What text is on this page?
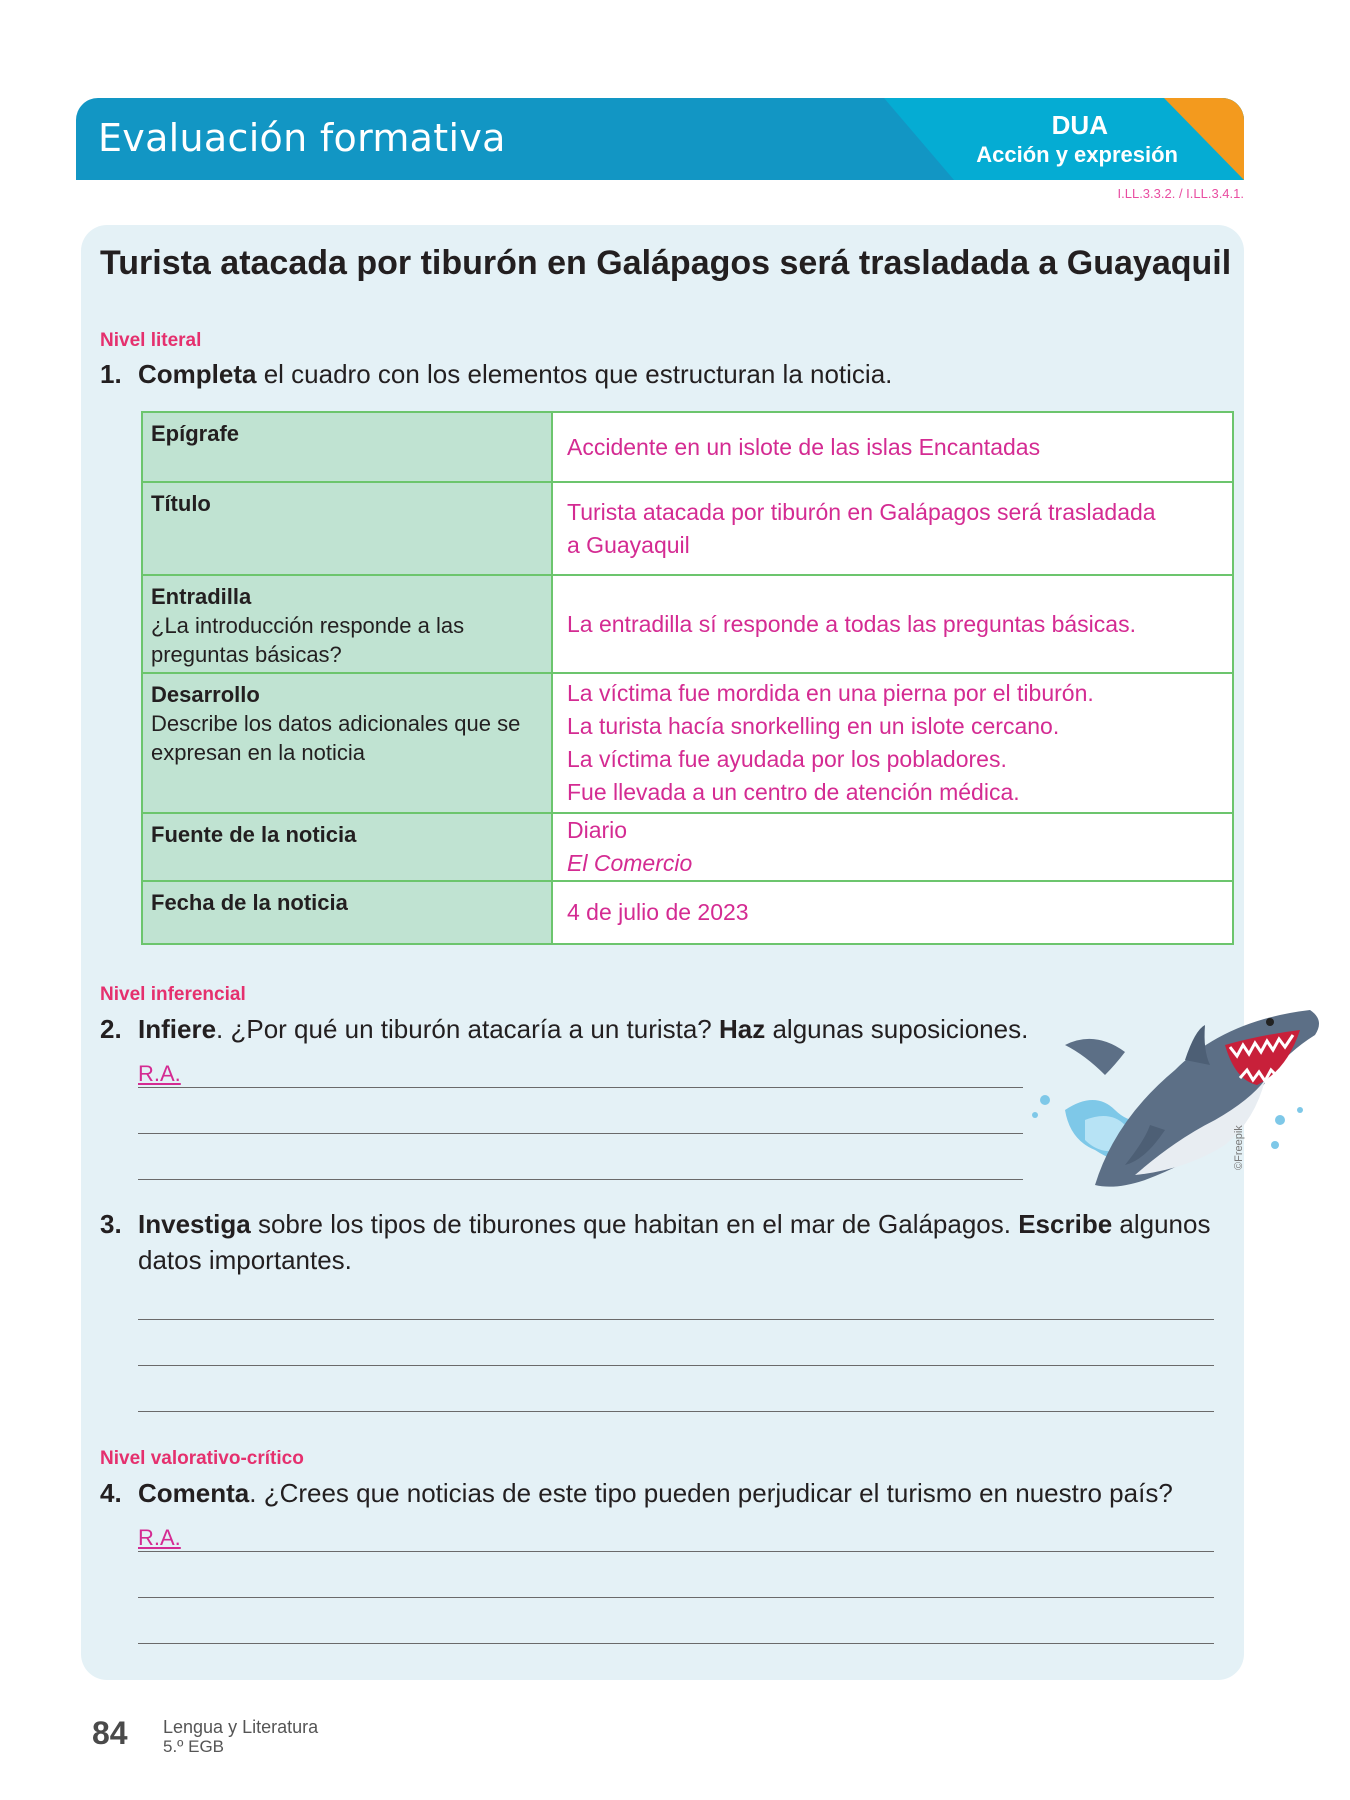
Evaluación formativa	DUA
Acción y expresión
I.LL.3.3.2. / I.LL.3.4.1.
Turista atacada por tiburón en Galápagos será trasladada a Guayaquil
Nivel literal
1. Completa el cuadro con los elementos que estructuran la noticia.
Epígrafe	Accidente en un islote de las islas Encantadas

Título	Turista atacada por tiburón en Galápagos será trasladada
a Guayaquil

Entradilla
¿La introducción responde a las preguntas básicas?	La entradilla sí responde a todas las preguntas básicas.

Desarrollo
Describe los datos adicionales que se expresan en la noticia	La víctima fue mordida en una pierna por el tiburón.
La turista hacía snorkelling en un islote cercano.
La víctima fue ayudada por los pobladores.
Fue llevada a un centro de atención médica.

Fuente de la noticia	Diario
El Comercio

Fecha de la noticia	4 de julio de 2023
Nivel inferencial
2. Infiere. ¿Por qué un tiburón atacaría a un turista? Haz algunas suposiciones.
R.A.
©Freepik
3. Investiga sobre los tipos de tiburones que habitan en el mar de Galápagos. Escribe algunos
datos importantes.
Nivel valorativo-crítico
4. Comenta. ¿Crees que noticias de este tipo pueden perjudicar el turismo en nuestro país?
R.A.
84 Lengua y Literatura
5.º EGB
